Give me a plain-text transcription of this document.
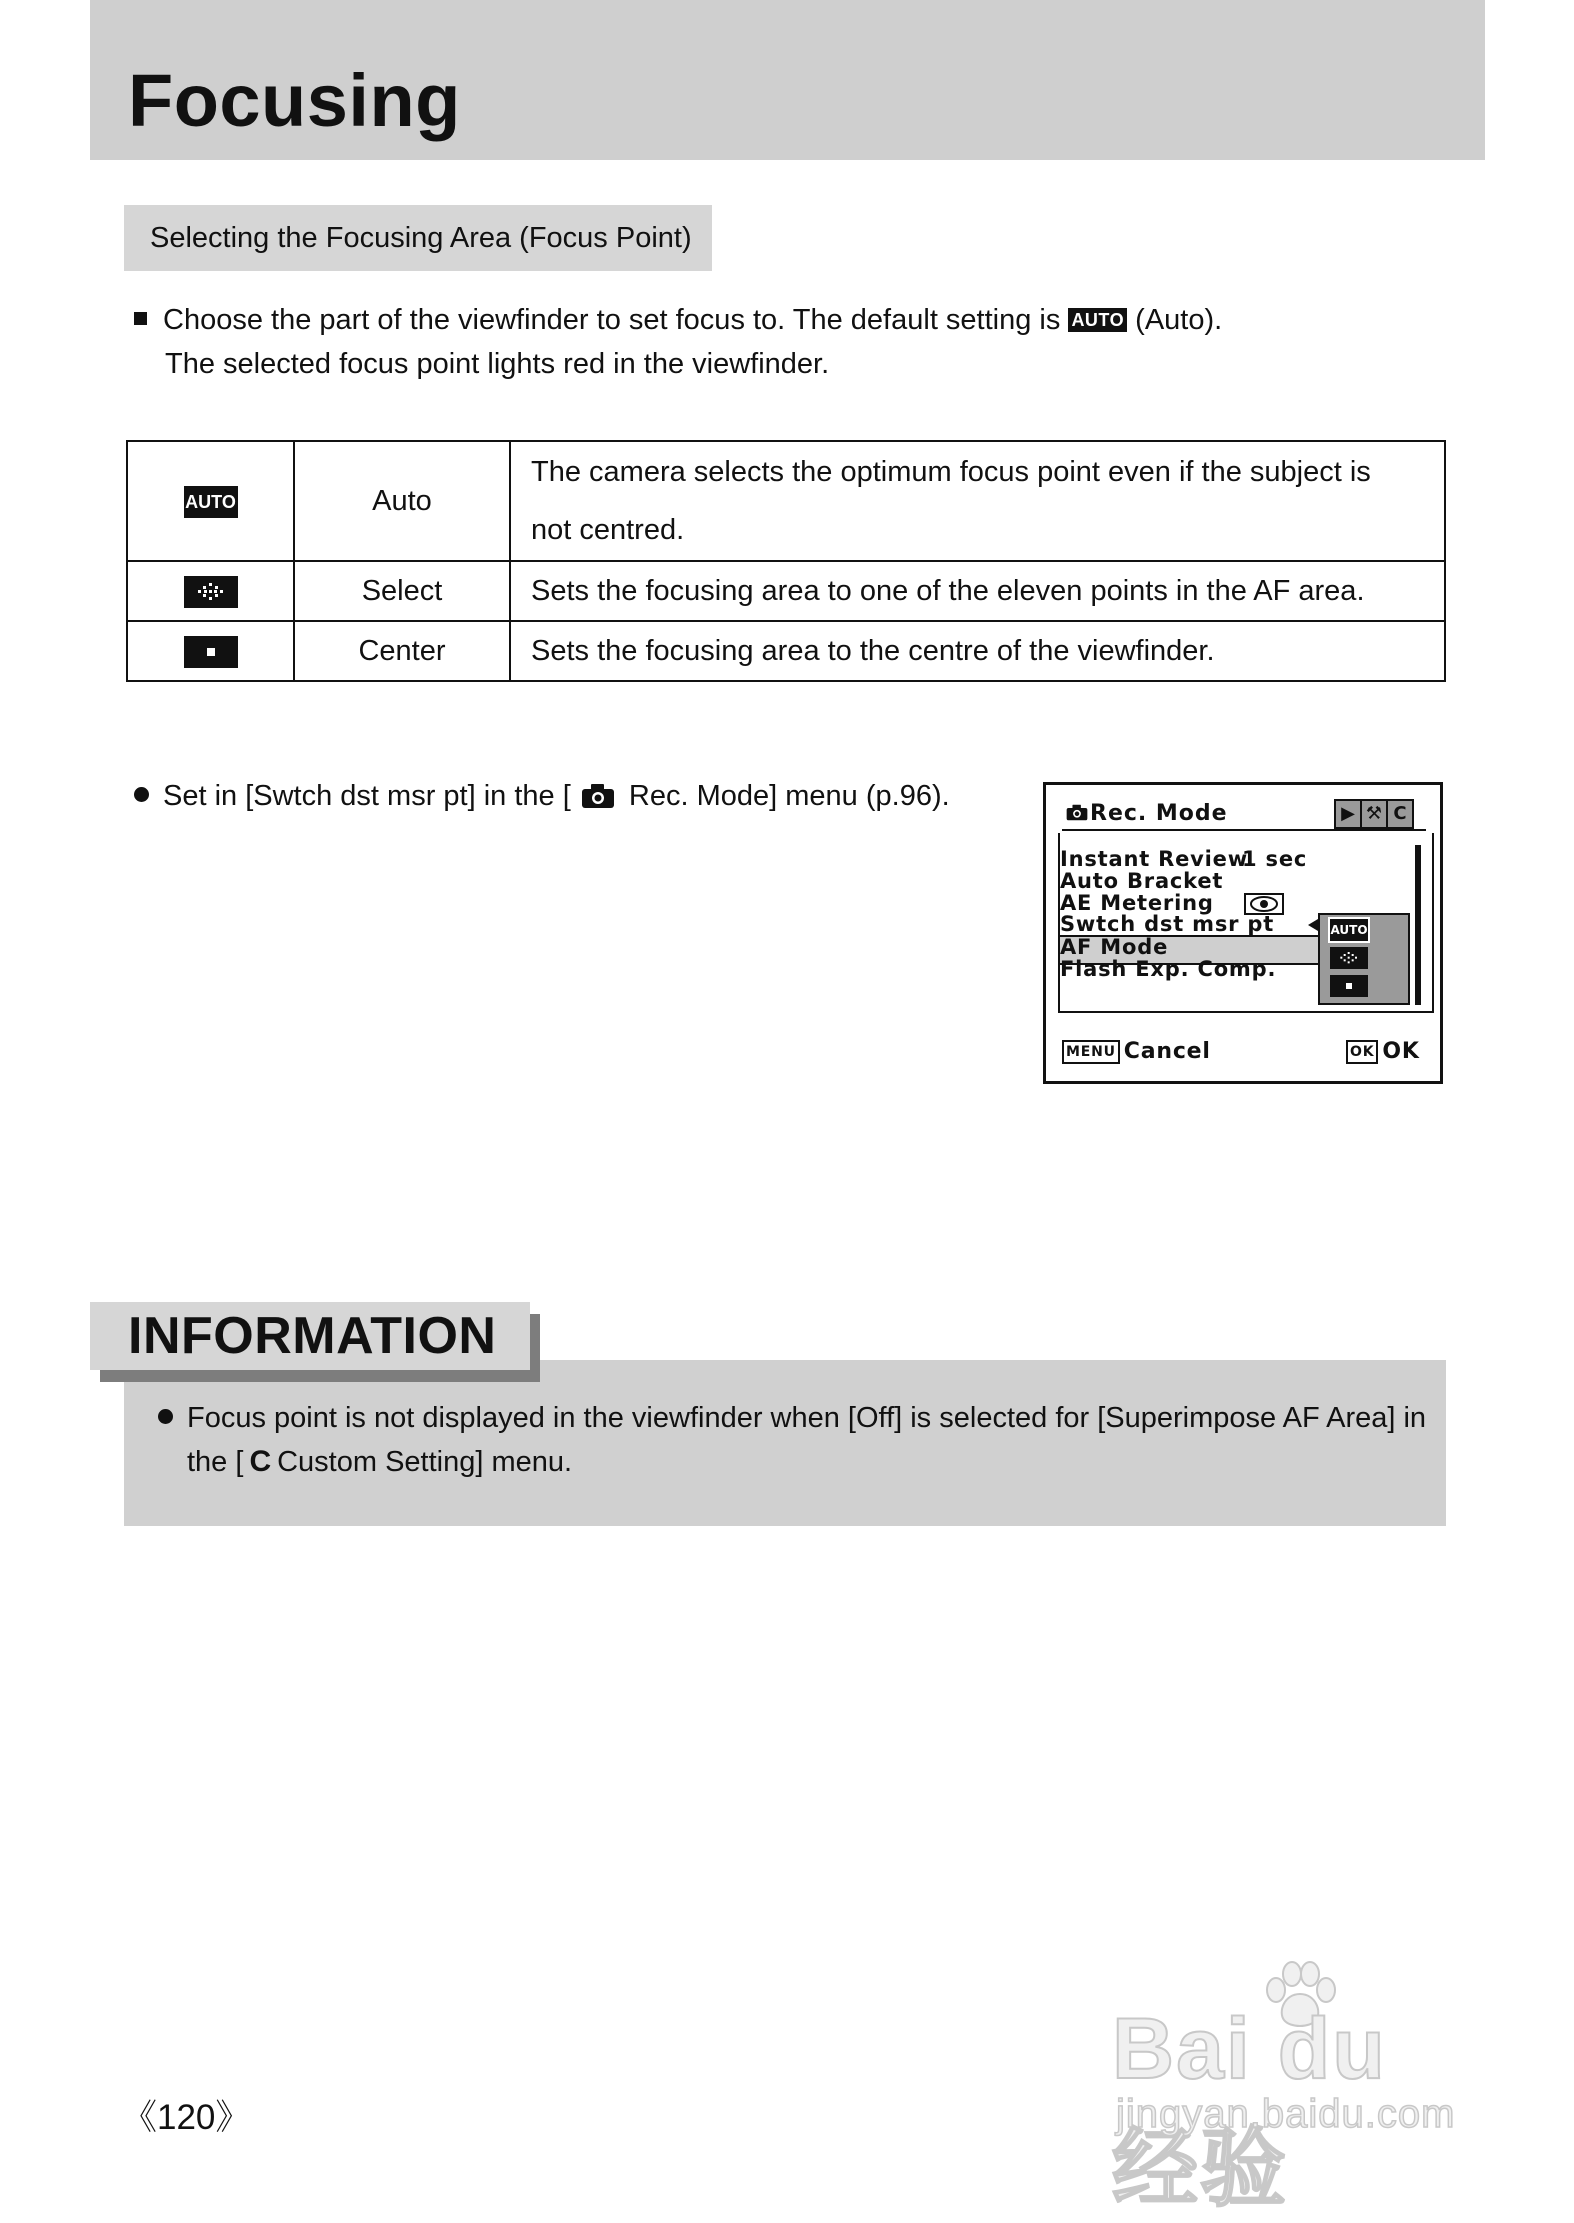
Focusing
Selecting the Focusing Area (Focus Point)
Choose the part of the viewfinder to set focus to. The default setting is AUTO (Auto).
The selected focus point lights red in the viewfinder.
AUTO	Auto	The camera selects the optimum focus point even if the subject is
not centred.

	Select	Sets the focusing area to one of the eleven points in the AF area.

	Center	Sets the focusing area to the centre of the viewfinder.
Set in [Swtch dst msr pt] in the [ Rec. Mode] menu (p.96).
Rec. Mode	▶ ⚒ C
Instant Review
1 sec
Auto Bracket
AE Metering
Swtch dst msr pt
AF Mode
Flash Exp. Comp.
AUTO
MENU Cancel	OK OK
INFORMATION
Focus point is not displayed in the viewfinder when [Off] is selected for [Superimpose AF Area] in
the [ C Custom Setting] menu.
《120》
Bai du 经验
jingyan.baidu.com
